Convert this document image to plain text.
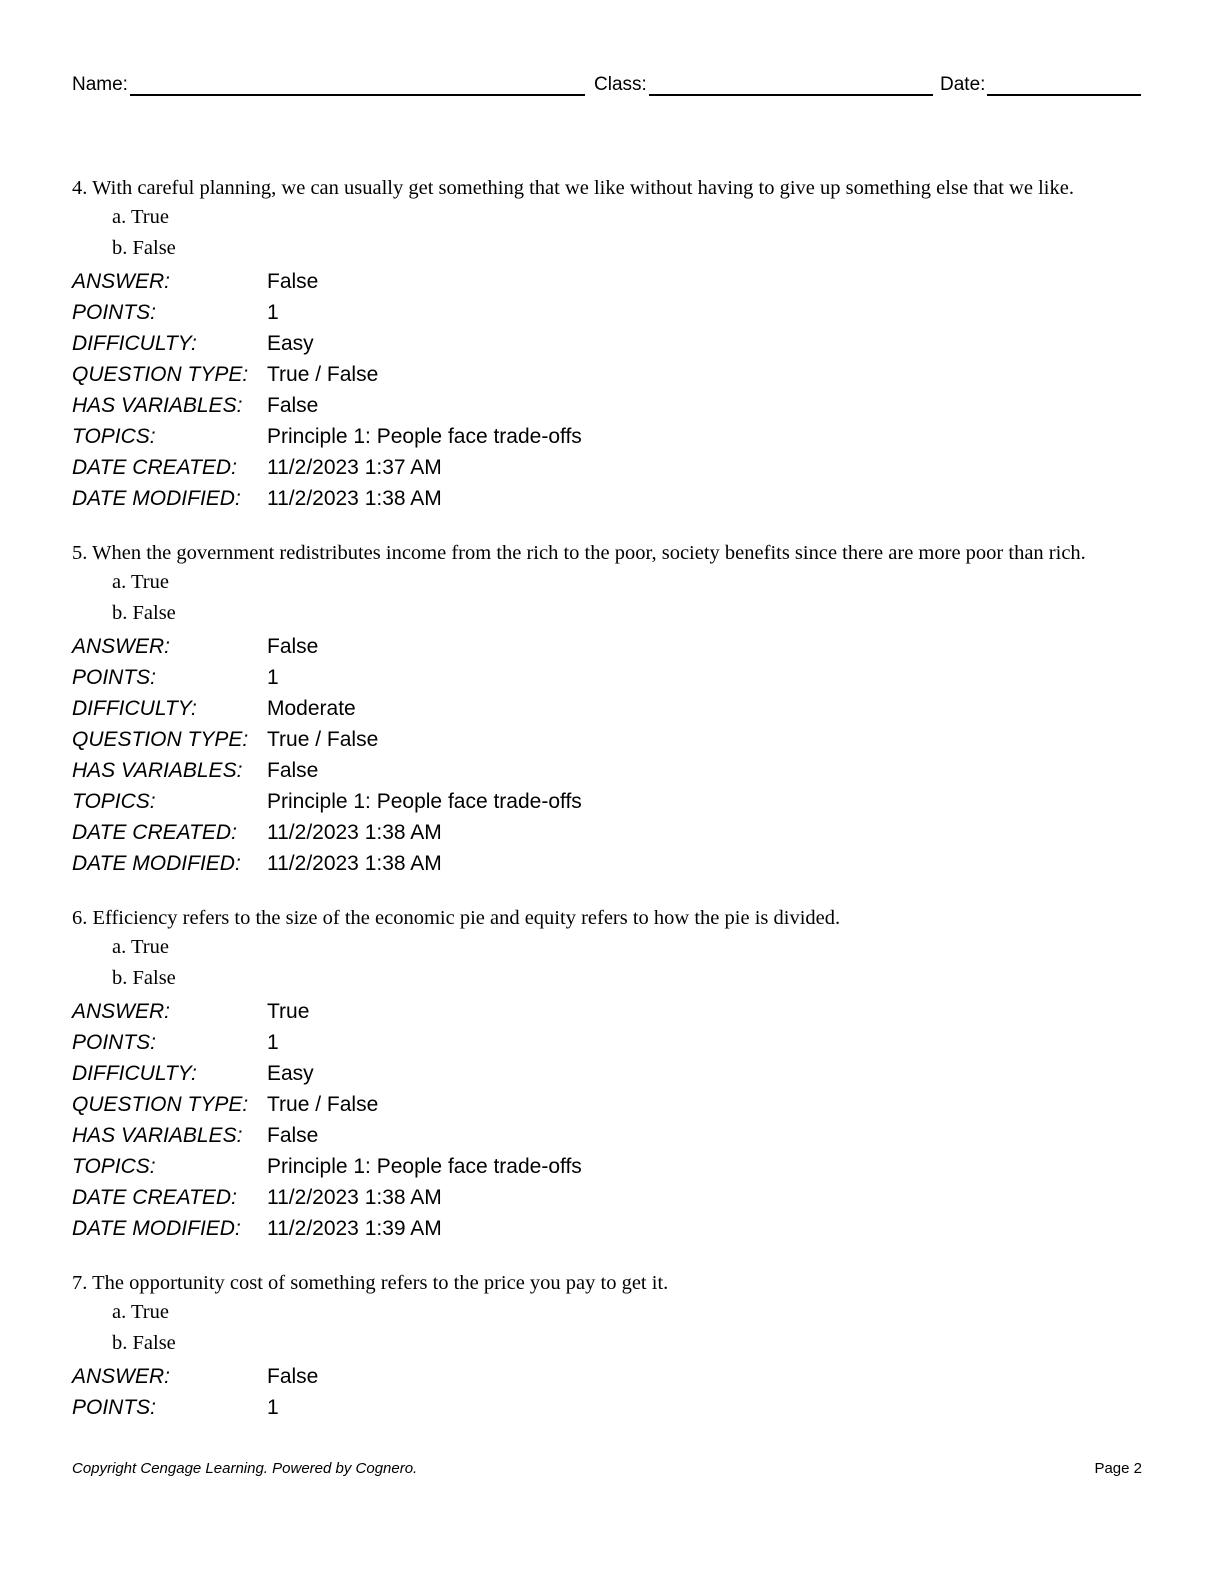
Name:	Class:	Date:

4. With careful planning, we can usually get something that we like without having to give up something else that we like.

a. True
b. False
ANSWER:	False
POINTS:	1
DIFFICULTY:	Easy
QUESTION TYPE: True / False
HAS VARIABLES:	False
TOPICS:	Principle 1: People face trade-offs
DATE CREATED:	11/2/2023 1:37 AM
DATE MODIFIED:	11/2/2023 1:38 AM

5. When the government redistributes income from the rich to the poor, society benefits since there are more poor than rich.

a. True
b. False
ANSWER:	False
POINTS:	1
DIFFICULTY:	Moderate
QUESTION TYPE: True / False
HAS VARIABLES:	False
TOPICS:	Principle 1: People face trade-offs
DATE CREATED:	11/2/2023 1:38 AM
DATE MODIFIED:	11/2/2023 1:38 AM

6. Efficiency refers to the size of the economic pie and equity refers to how the pie is divided.

a. True
b. False
ANSWER:	True
POINTS:	1
DIFFICULTY:	Easy
QUESTION TYPE: True / False
HAS VARIABLES:	False
TOPICS:	Principle 1: People face trade-offs
DATE CREATED:	11/2/2023 1:38 AM
DATE MODIFIED:	11/2/2023 1:39 AM

7. The opportunity cost of something refers to the price you pay to get it.

a. True
b. False
ANSWER:	False
POINTS:	1
Copyright Cengage Learning. Powered by Cognero.	Page 2
